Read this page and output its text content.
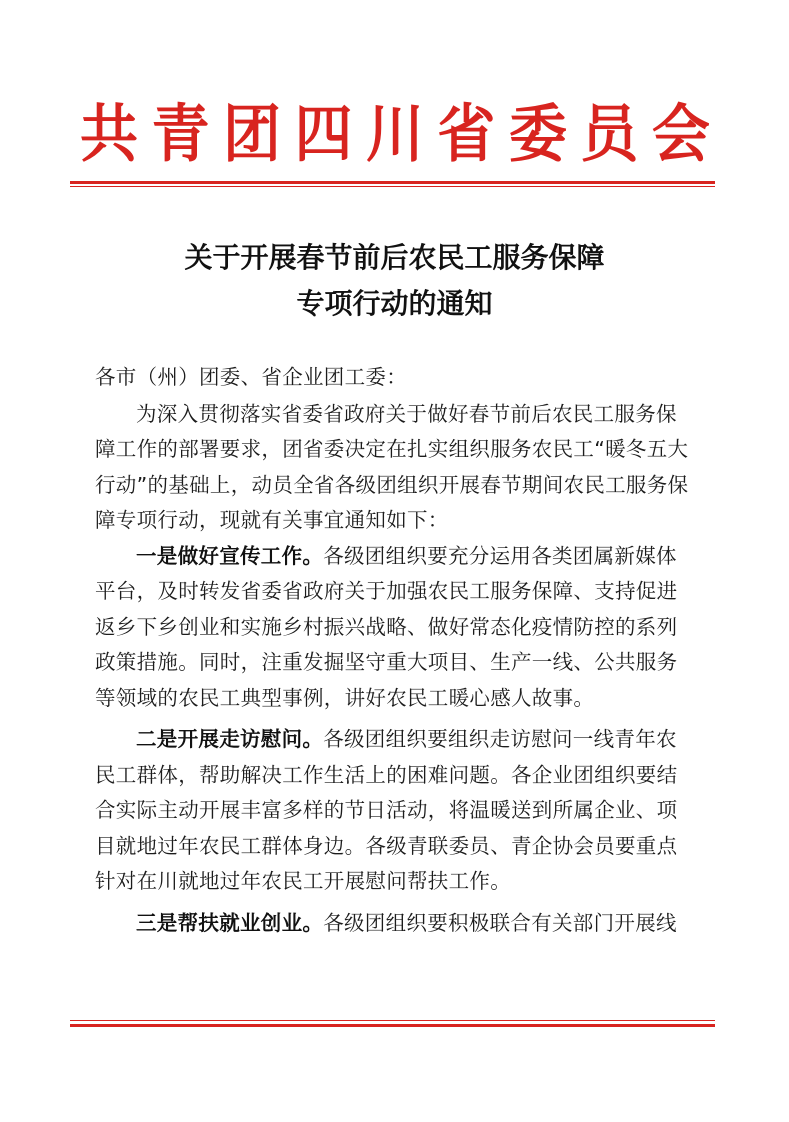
共 青 团 四 川 省 委 员 会
关于开展春节前后农民工服务保障
专项行动的通知

各市（州）团委、省企业团工委：

为深入贯彻落实省委省政府关于做好春节前后农民工服务保障工作的部署要求，团省委决定在扎实组织服务农民工“暖冬五大行动”的基础上，动员全省各级团组织开展春节期间农民工服务保障专项行动，现就有关事宜通知如下：

一是做好宣传工作。各级团组织要充分运用各类团属新媒体平台，及时转发省委省政府关于加强农民工服务保障、支持促进返乡下乡创业和实施乡村振兴战略、做好常态化疫情防控的系列政策措施。同时，注重发掘坚守重大项目、生产一线、公共服务等领域的农民工典型事例，讲好农民工暖心感人故事。

二是开展走访慰问。各级团组织要组织走访慰问一线青年农民工群体，帮助解决工作生活上的困难问题。各企业团组织要结合实际主动开展丰富多样的节日活动，将温暖送到所属企业、项目就地过年农民工群体身边。各级青联委员、青企协会员要重点针对在川就地过年农民工开展慰问帮扶工作。

三是帮扶就业创业。各级团组织要积极联合有关部门开展线
